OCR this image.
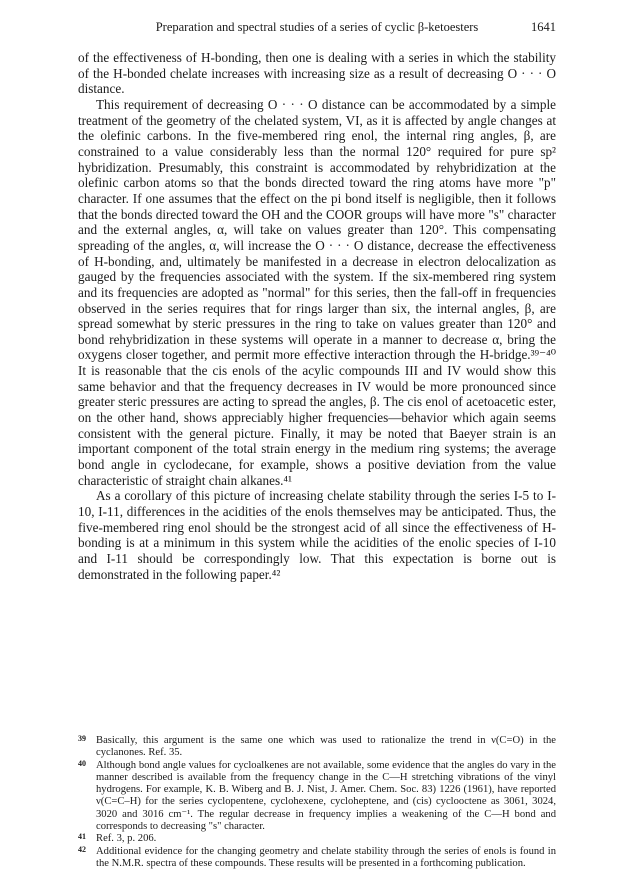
Preparation and spectral studies of a series of cyclic β-ketoesters	1641

of the effectiveness of H-bonding, then one is dealing with a series in which the stability of the H-bonded chelate increases with increasing size as a result of decreasing O · · · O distance.

This requirement of decreasing O · · · O distance can be accommodated by a simple treatment of the geometry of the chelated system, VI, as it is affected by angle changes at the olefinic carbons. In the five-membered ring enol, the internal ring angles, β, are constrained to a value considerably less than the normal 120° required for pure sp² hybridization. Presumably, this constraint is accommodated by rehybridization at the olefinic carbon atoms so that the bonds directed toward the ring atoms have more "p" character. If one assumes that the effect on the pi bond itself is negligible, then it follows that the bonds directed toward the OH and the COOR groups will have more "s" character and the external angles, α, will take on values greater than 120°. This compensating spreading of the angles, α, will increase the O · · · O distance, decrease the effectiveness of H-bonding, and, ultimately be manifested in a decrease in electron delocalization as gauged by the frequencies associated with the system. If the six-membered ring system and its frequencies are adopted as "normal" for this series, then the fall-off in frequencies observed in the series requires that for rings larger than six, the internal angles, β, are spread somewhat by steric pressures in the ring to take on values greater than 120° and bond rehybridization in these systems will operate in a manner to decrease α, bring the oxygens closer together, and permit more effective interaction through the H-bridge.³⁹⁻⁴⁰ It is reasonable that the cis enols of the acylic compounds III and IV would show this same behavior and that the frequency decreases in IV would be more pronounced since greater steric pressures are acting to spread the angles, β. The cis enol of acetoacetic ester, on the other hand, shows appreciably higher frequencies—behavior which again seems consistent with the general picture. Finally, it may be noted that Baeyer strain is an important component of the total strain energy in the medium ring systems; the average bond angle in cyclodecane, for example, shows a positive deviation from the value characteristic of straight chain alkanes.⁴¹

As a corollary of this picture of increasing chelate stability through the series I-5 to I-10, I-11, differences in the acidities of the enols themselves may be anticipated. Thus, the five-membered ring enol should be the strongest acid of all since the effectiveness of H-bonding is at a minimum in this system while the acidities of the enolic species of I-10 and I-11 should be correspondingly low. That this expectation is borne out is demonstrated in the following paper.⁴²

39 Basically, this argument is the same one which was used to rationalize the trend in ν(C=O) in the cyclanones. Ref. 35.
40 Although bond angle values for cycloalkenes are not available, some evidence that the angles do vary in the manner described is available from the frequency change in the C—H stretching vibrations of the vinyl hydrogens. For example, K. B. Wiberg and B. J. Nist, J. Amer. Chem. Soc. 83) 1226 (1961), have reported ν(C=C–H) for the series cyclopentene, cyclohexene, cycloheptene, and (cis) cyclooctene as 3061, 3024, 3020 and 3016 cm⁻¹. The regular decrease in frequency implies a weakening of the C—H bond and corresponds to decreasing "s" character.
41 Ref. 3, p. 206.
42 Additional evidence for the changing geometry and chelate stability through the series of enols is found in the N.M.R. spectra of these compounds. These results will be presented in a forthcoming publication.
